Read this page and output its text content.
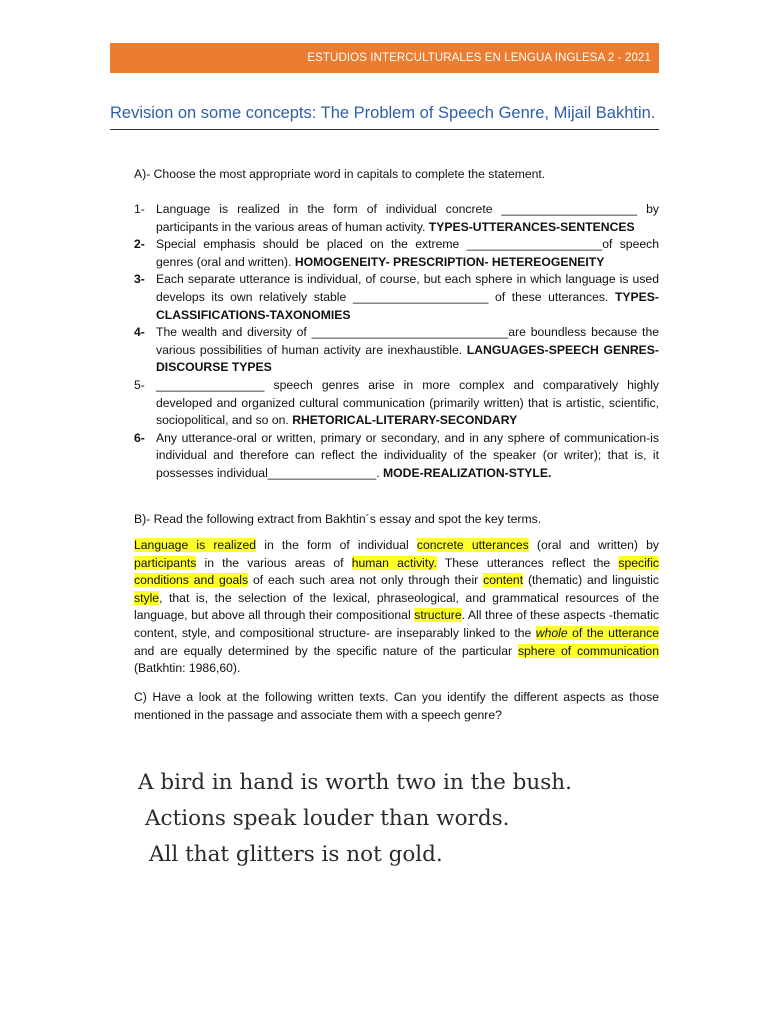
ESTUDIOS INTERCULTURALES EN LENGUA INGLESA 2 - 2021
Revision on some concepts: The Problem of Speech Genre, Mijail Bakhtin.
A)- Choose the most appropriate word in capitals to complete the statement.
1- Language is realized in the form of individual concrete ____________________ by participants in the various areas of human activity. TYPES-UTTERANCES-SENTENCES
2- Special emphasis should be placed on the extreme ____________________of speech genres (oral and written). HOMOGENEITY- PRESCRIPTION- HETEREOGENEITY
3- Each separate utterance is individual, of course, but each sphere in which language is used develops its own relatively stable ____________________ of these utterances. TYPES-CLASSIFICATIONS-TAXONOMIES
4- The wealth and diversity of _____________________________are boundless because the various possibilities of human activity are inexhaustible. LANGUAGES-SPEECH GENRES- DISCOURSE TYPES
5- ________________ speech genres arise in more complex and comparatively highly developed and organized cultural communication (primarily written) that is artistic, scientific, sociopolitical, and so on. RHETORICAL-LITERARY-SECONDARY
6- Any utterance-oral or written, primary or secondary, and in any sphere of communication-is individual and therefore can reflect the individuality of the speaker (or writer); that is, it possesses individual________________. MODE-REALIZATION-STYLE.
B)- Read the following extract from Bakhtin´s essay and spot the key terms.
Language is realized in the form of individual concrete utterances (oral and written) by participants in the various areas of human activity. These utterances reflect the specific conditions and goals of each such area not only through their content (thematic) and linguistic style, that is, the selection of the lexical, phraseological, and grammatical resources of the language, but above all through their compositional structure. All three of these aspects -thematic content, style, and compositional structure- are inseparably linked to the whole of the utterance and are equally determined by the specific nature of the particular sphere of communication (Batkhtin: 1986,60).
C) Have a look at the following written texts. Can you identify the different aspects as those mentioned in the passage and associate them with a speech genre?
A bird in hand is worth two in the bush.
Actions speak louder than words.
All that glitters is not gold.
